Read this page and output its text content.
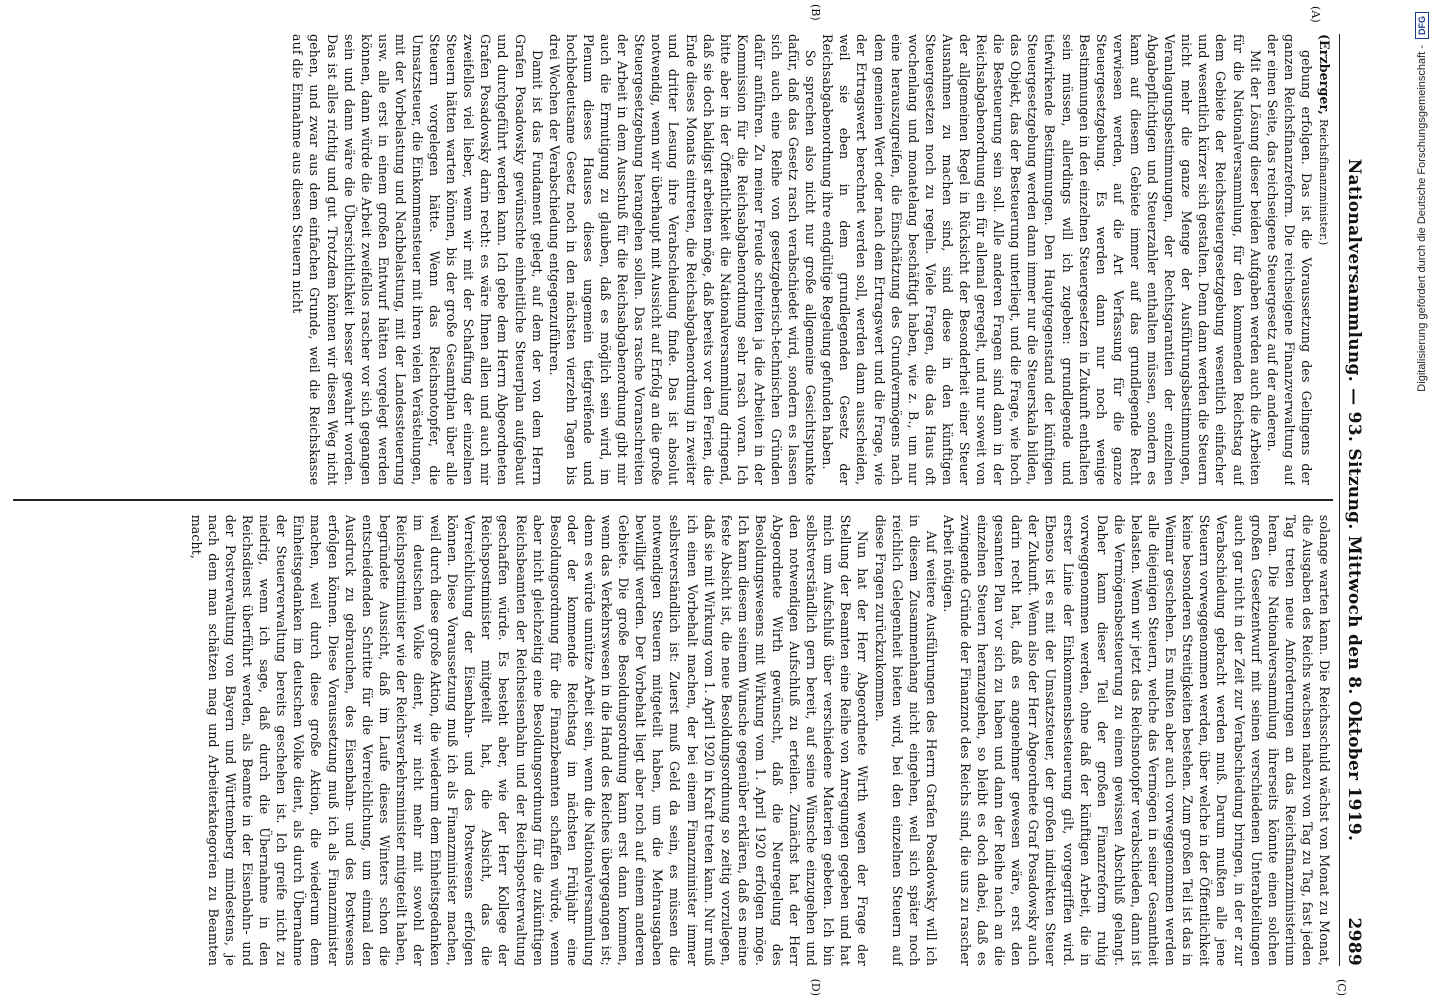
Nationalversammlung. — 93. Sitzung. Mittwoch den 8. Oktober 1919.
2989

(A)
(Erzberger, Reichsfinanzminister.)

gebung erfolgen. Das ist die Voraussetzung des Gelingens der ganzen Reichsfinanzreform. Die reichseigene Finanzverwaltung auf der einen Seite, das reichseigene Steuergesetz auf der anderen.

Mit der Lösung dieser beiden Aufgaben werden auch die Arbeiten für die Nationalversammlung, für den kommenden Reichstag auf dem Gebiete der Reichssteuergesetzgebung wesentlich einfacher und wesentlich kürzer sich gestalten. Denn dann werden die Steuern nicht mehr die ganze Menge der Ausführungsbestimmungen, Veranlagungsbestimmungen, der Rechtsgarantien der einzelnen Abgabepflichtigen und Steuerzahler enthalten müssen, sondern es kann auf diesem Gebiete immer auf das grundlegende Recht verwiesen werden, auf die Art Verfassung für die ganze Steuergesetzgebung. Es werden dann nur noch wenige Bestimmungen in den einzelnen Steuergesetzen in Zukunft enthalten sein müssen, allerdings will ich zugeben: grundlegende und tiefwirkende Bestimmungen. Den Hauptgegenstand der künftigen Steuergesetzgebung werden dann immer nur die Steuerskala bilden, das Objekt, das der Besteuerung unterliegt, und die Frage, wie hoch die Besteuerung sein soll. Alle anderen Fragen sind dann in der Reichsabgabenordnung ein für allemal geregelt, und nur soweit von der allgemeinen Regel in Rücksicht der Besonderheit einer Steuer Ausnahmen zu machen sind, sind diese in den künftigen Steuergesetzen noch zu regeln. Viele Fragen, die das Haus oft wochenlang und monatelang beschäftigt haben, wie z. B., um nur eine herauszugreifen, die Einschätzung des Grundvermögens nach dem gemeinen Wert oder nach dem Ertragswert und die Frage, wie der Ertragswert berechnet werden soll, werden dann ausscheiden, weil sie eben in dem grundlegenden Gesetz der Reichsabgabenordnung ihre endgültige Regelung gefunden haben.

So sprechen also nicht nur große allgemeine Gesichtspunkte dafür, daß das Gesetz rasch verabschiedet wird, sondern es lassen sich auch eine Reihe von gesetzgeberisch-technischen Gründen dafür anführen. Zu meiner Freude schreiten ja die Arbeiten in der Kommission für die Reichsabgabenordnung sehr rasch voran. Ich bitte aber in der Öffentlichkeit die Nationalversammlung dringend, daß sie doch baldigst arbeiten möge, daß bereits vor den Ferien, die Ende dieses Monats eintreten, die Reichsabgabenordnung in zweiter und dritter Lesung ihre Verabschiedung finde. Das ist absolut notwendig, wenn wir überhaupt mit Aussicht auf Erfolg an die große Steuergesetzgebung herangehen sollen. Das rasche Voranschreiten der Arbeit in dem Ausschuß für die Reichsabgabenordnung gibt mir auch die Ermutigung zu glauben, daß es möglich sein wird, im Plenum dieses Hauses dieses ungemein tiefgreifende und hochbedeutsame Gesetz noch in den nächsten vierzehn Tagen bis drei Wochen der Verabschiedung entgegenzuführen.

Damit ist das Fundament gelegt, auf dem der von dem Herrn Grafen Posadowsky gewünschte einheitliche Steuerplan aufgebaut und durchgeführt werden kann. Ich gebe dem Herrn Abgeordneten Grafen Posadowsky darin recht: es wäre Ihnen allen und auch mir zweifellos viel lieber, wenn wir mit der Schaffung der einzelnen Steuern hätten warten können, bis der große Gesamtplan über alle Steuern vorgelegen hätte. Wenn das Reichsnotopfer, die Umsatzsteuer, die Einkommensteuer mit ihren vielen Verästelungen, mit der Vorbelastung und Nachbelastung, mit der Landessteuerung usw. alle erst in einem großen Entwurf hätten vorgelegt werden können, dann würde die Arbeit zweifellos rascher vor sich gegangen sein und dann wäre die Übersichtlichkeit besser gewahrt worden. Das ist alles richtig und gut. Trotzdem können wir diesen Weg nicht gehen, und zwar aus dem einfachen Grunde, weil die Reichskasse auf die Einnahme aus diesen Steuern nicht

solange warten kann. Die Reichsschuld wächst von Monat zu Monat, die Ausgaben des Reichs wachsen nahezu von Tag zu Tag, fast jeden Tag treten neue Anforderungen an das Reichsfinanzministerium heran. Die Nationalversammlung ihrerseits könnte einen solchen großen Gesetzentwurf mit seinen verschiedenen Unterabteilungen auch gar nicht in der Zeit zur Verabschiedung bringen, in der er zur Verabschiedung gebracht werden muß. Darum mußten alle jene Steuern vorweggenommen werden, über welche in der Öffentlichkeit keine besonderen Streitigkeiten bestehen. Zum großen Teil ist das in Weimar geschehen. Es mußten aber auch vorweggenommen werden alle diejenigen Steuern, welche das Vermögen in seiner Gesamtheit belasten. Wenn wir jetzt das Reichsnotopfer verabschieden, dann ist die Vermögensbesteuerung zu einem gewissen Abschluß gelangt. Daher kann dieser Teil der großen Finanzreform ruhig vorweggenommen werden, ohne daß der künftigen Arbeit, die in erster Linie der Einkommensbesteuerung gilt, vorgegriffen wird. Ebenso ist es mit der Umsatzsteuer, der großen indirekten Steuer der Zukunft. Wenn also der Herr Abgeordnete Graf Posadowsky auch darin recht hat, daß es angenehmer gewesen wäre, erst den gesamten Plan vor sich zu haben und dann der Reihe nach an die einzelnen Steuern heranzugehen, so bleibt es doch dabei, daß es zwingende Gründe der Finanznot des Reichs sind, die uns zu rascher Arbeit nötigen.

Auf weitere Ausführungen des Herrn Grafen Posadowsky will ich in diesem Zusammenhang nicht eingehen, weil sich später noch reichlich Gelegenheit bieten wird, bei den einzelnen Steuern auf diese Fragen zurückzukommen.

Nun hat der Herr Abgeordnete Wirth wegen der Frage der Stellung der Beamten eine Reihe von Anregungen gegeben und hat mich um Aufschluß über verschiedene Materien gebeten. Ich bin selbstverständlich gern bereit, auf seine Wünsche einzugehen und den notwendigen Aufschluß zu erteilen. Zunächst hat der Herr Abgeordnete Wirth gewünscht, daß die Neuregelung des Besoldungswesens mit Wirkung vom 1. April 1920 erfolgen möge. Ich kann diesem seinem Wunsche gegenüber erklären, daß es meine feste Absicht ist, die neue Besoldungsordnung so zeitig vorzulegen, daß sie mit Wirkung vom 1. April 1920 in Kraft treten kann. Nur muß ich einen Vorbehalt machen, der bei einem Finanzminister immer selbstverständlich ist: Zuerst muß Geld da sein, es müssen die notwendigen Steuern mitgeteilt haben, um die Mehrausgaben bewilligt werden. Der Vorbehalt liegt aber noch auf einem anderen Gebiete. Die große Besoldungsordnung kann erst dann kommen, wenn das Verkehrswesen in die Hand des Reiches übergegangen ist; denn es würde unnütze Arbeit sein, wenn die Nationalversammlung oder der kommende Reichstag im nächsten Frühjahr eine Besoldungsordnung für die Finanzbeamten schaffen würde, wenn aber nicht gleichzeitig eine Besoldungsordnung für die zukünftigen Reichsbeamten der Reichseisenbahn und der Reichspostverwaltung geschaffen würde. Es besteht aber, wie der Herr Kollege der Reichspostminister mitgeteilt hat, die Absicht, das die Verreichlichung der Eisenbahn- und des Postwesens erfolgen können. Diese Voraussetzung muß ich als Finanzminister machen, weil durch diese große Aktion, die wiederum dem Einheitsgedanken im deutschen Volke dient, wir nicht mehr mit sowohl der Reichspostminister wie der Reichsverkehrsminister mitgeteilt haben, begründete Aussicht, daß im Laufe dieses Winters schon die entscheidenden Schritte für die Verreichlichung, um einmal den Ausdruck zu gebrauchen, des Eisenbahn- und des Postwesens erfolgen können. Diese Voraussetzung muß ich als Finanzminister machen, weil durch diese große Aktion, die wiederum dem Einheitsgedanken im deutschen Volke dient, als durch Übernahme der Steuerverwaltung bereits geschehen ist. Ich greife nicht zu niedrig, wenn ich sage, daß durch die Übernahme in den Reichsdienst überführt werden, als Beamte in der Eisenbahn- und der Postverwaltung von Bayern und Württemberg mindestens, je nach dem man schätzen mag und Arbeiterkategorien zu Beamten macht,

(B)
(C)
(D)
Digitalisierung gefördert durch die Deutsche Forschungsgemeinschaft -
DFG
